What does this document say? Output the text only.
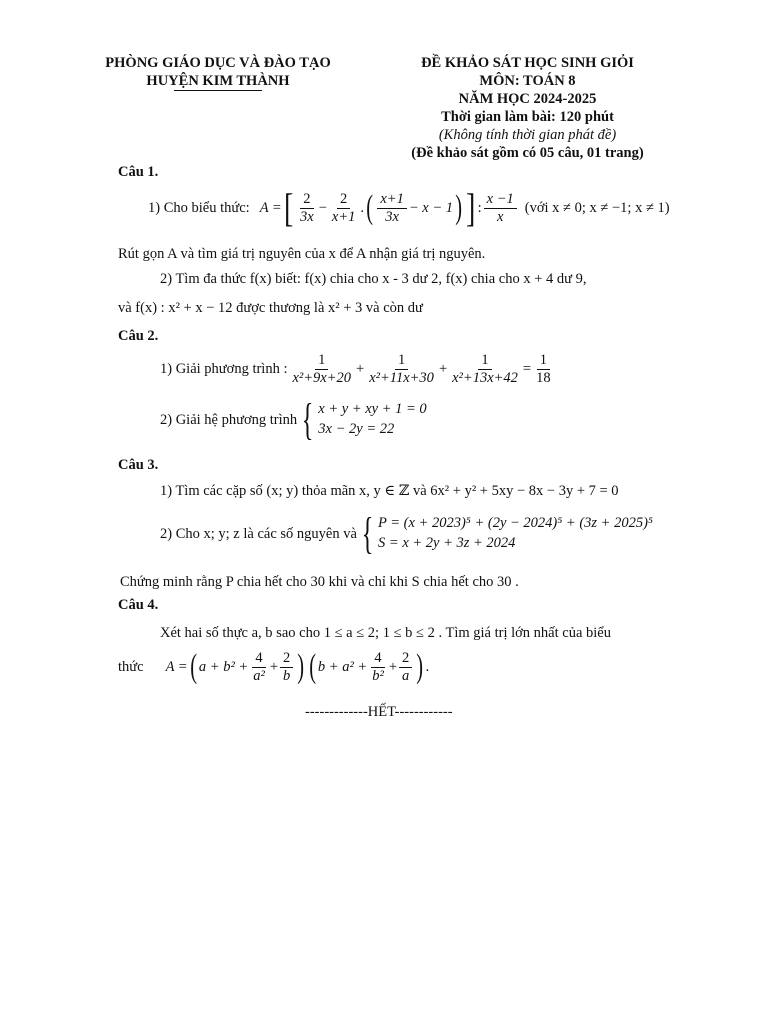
PHÒNG GIÁO DỤC VÀ ĐÀO TẠO
HUYỆN KIM THÀNH
ĐỀ KHẢO SÁT HỌC SINH GIỎI
MÔN: TOÁN 8
NĂM HỌC 2024-2025
Thời gian làm bài: 120 phút
(Không tính thời gian phát đề)
(Đề khảo sát gồm có 05 câu, 01 trang)
Câu 1.
1) Cho biểu thức: A = [ $\frac{2}{3x} - \frac{2}{x+1}$ . ( $\frac{x+1}{3x} - x - 1$ ) ] : $\frac{x -1}{x}$ (với x ≠ 0; x ≠ −1; x ≠ 1)
Rút gọn A và tìm giá trị nguyên của x để A nhận giá trị nguyên.
2) Tìm đa thức f(x) biết: f(x) chia cho x - 3 dư 2, f(x) chia cho x + 4 dư 9,
và f(x) : x² + x − 12 được thương là x² + 3 và còn dư
Câu 2.
1) Giải phương trình : $\frac{1}{\text{x²+9x+20}} + \frac{1}{\text{x²+11x+30}} + \frac{1}{\text{x²+13x+42}} = \frac{1}{18}$
2) Giải hệ phương trình { x + y + xy + 1 = 0
3x − 2y = 22
Câu 3.
1) Tìm các cặp số (x; y) thỏa mãn x, y ∈ ℤ và 6x² + y² + 5xy − 8x − 3y + 7 = 0
2) Cho x; y; z là các số nguyên và { P = (x + 2023)⁵ + (2y − 2024)⁵ + (3z + 2025)⁵
S = x + 2y + 3z + 2024
Chứng minh rằng P chia hết cho 30 khi và chỉ khi S chia hết cho 30 .
Câu 4.
Xét hai số thực a, b sao cho 1 ≤ a ≤ 2; 1 ≤ b ≤ 2 . Tìm giá trị lớn nhất của biểu
thức A = ( $a + b^2 + \frac{4}{\text{a²}} + \frac{2}{b}$ ) ( $b + a^2 + \frac{4}{\text{b²}} + \frac{2}{a}$ ) .
-------------HẾT------------
